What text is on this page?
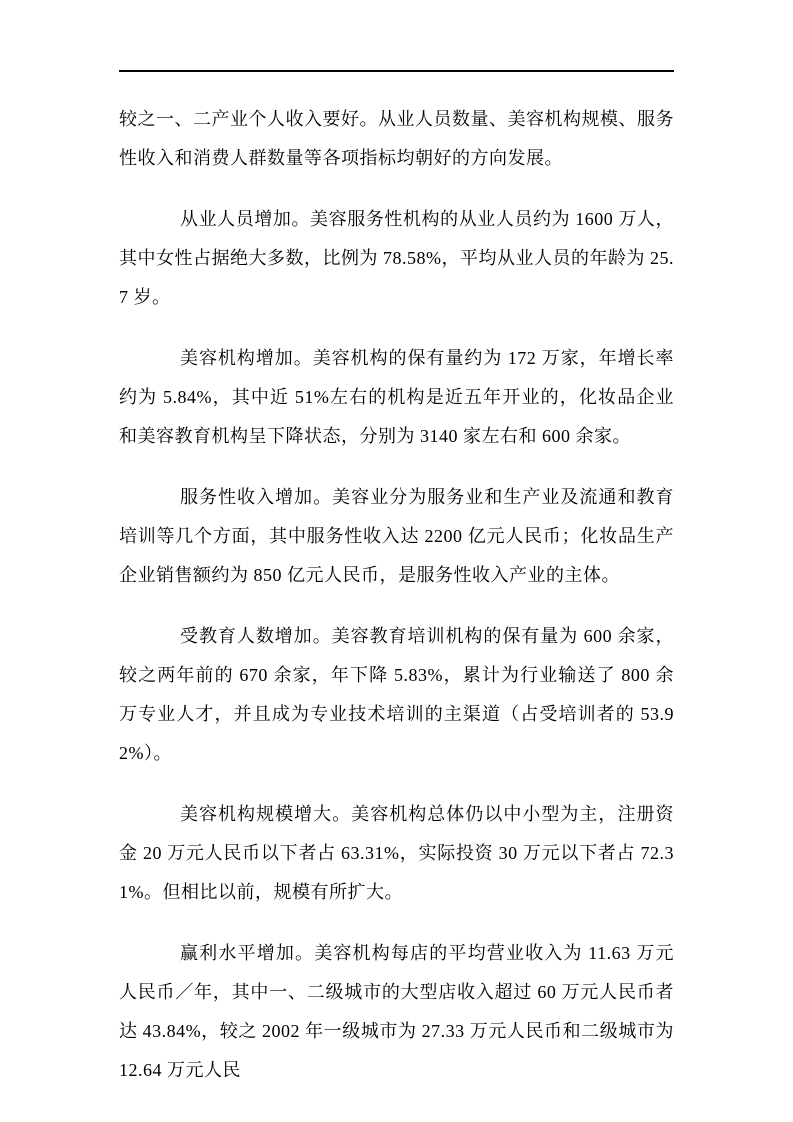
较之一、二产业个人收入要好。从业人员数量、美容机构规模、服务性收入和消费人群数量等各项指标均朝好的方向发展。

从业人员增加。美容服务性机构的从业人员约为 1600 万人，其中女性占据绝大多数，比例为 78.58%，平均从业人员的年龄为 25.7 岁。

美容机构增加。美容机构的保有量约为 172 万家，年增长率约为 5.84%，其中近 51%左右的机构是近五年开业的，化妆品企业和美容教育机构呈下降状态，分别为 3140 家左右和 600 余家。

服务性收入增加。美容业分为服务业和生产业及流通和教育培训等几个方面，其中服务性收入达 2200 亿元人民币；化妆品生产企业销售额约为 850 亿元人民币，是服务性收入产业的主体。

受教育人数增加。美容教育培训机构的保有量为 600 余家，较之两年前的 670 余家，年下降 5.83%，累计为行业输送了 800 余万专业人才，并且成为专业技术培训的主渠道（占受培训者的 53.92%）。

美容机构规模增大。美容机构总体仍以中小型为主，注册资金 20 万元人民币以下者占 63.31%，实际投资 30 万元以下者占 72.31%。但相比以前，规模有所扩大。

赢利水平增加。美容机构每店的平均营业收入为 11.63 万元人民币／年，其中一、二级城市的大型店收入超过 60 万元人民币者达 43.84%，较之 2002 年一级城市为 27.33 万元人民币和二级城市为 12.64 万元人民
